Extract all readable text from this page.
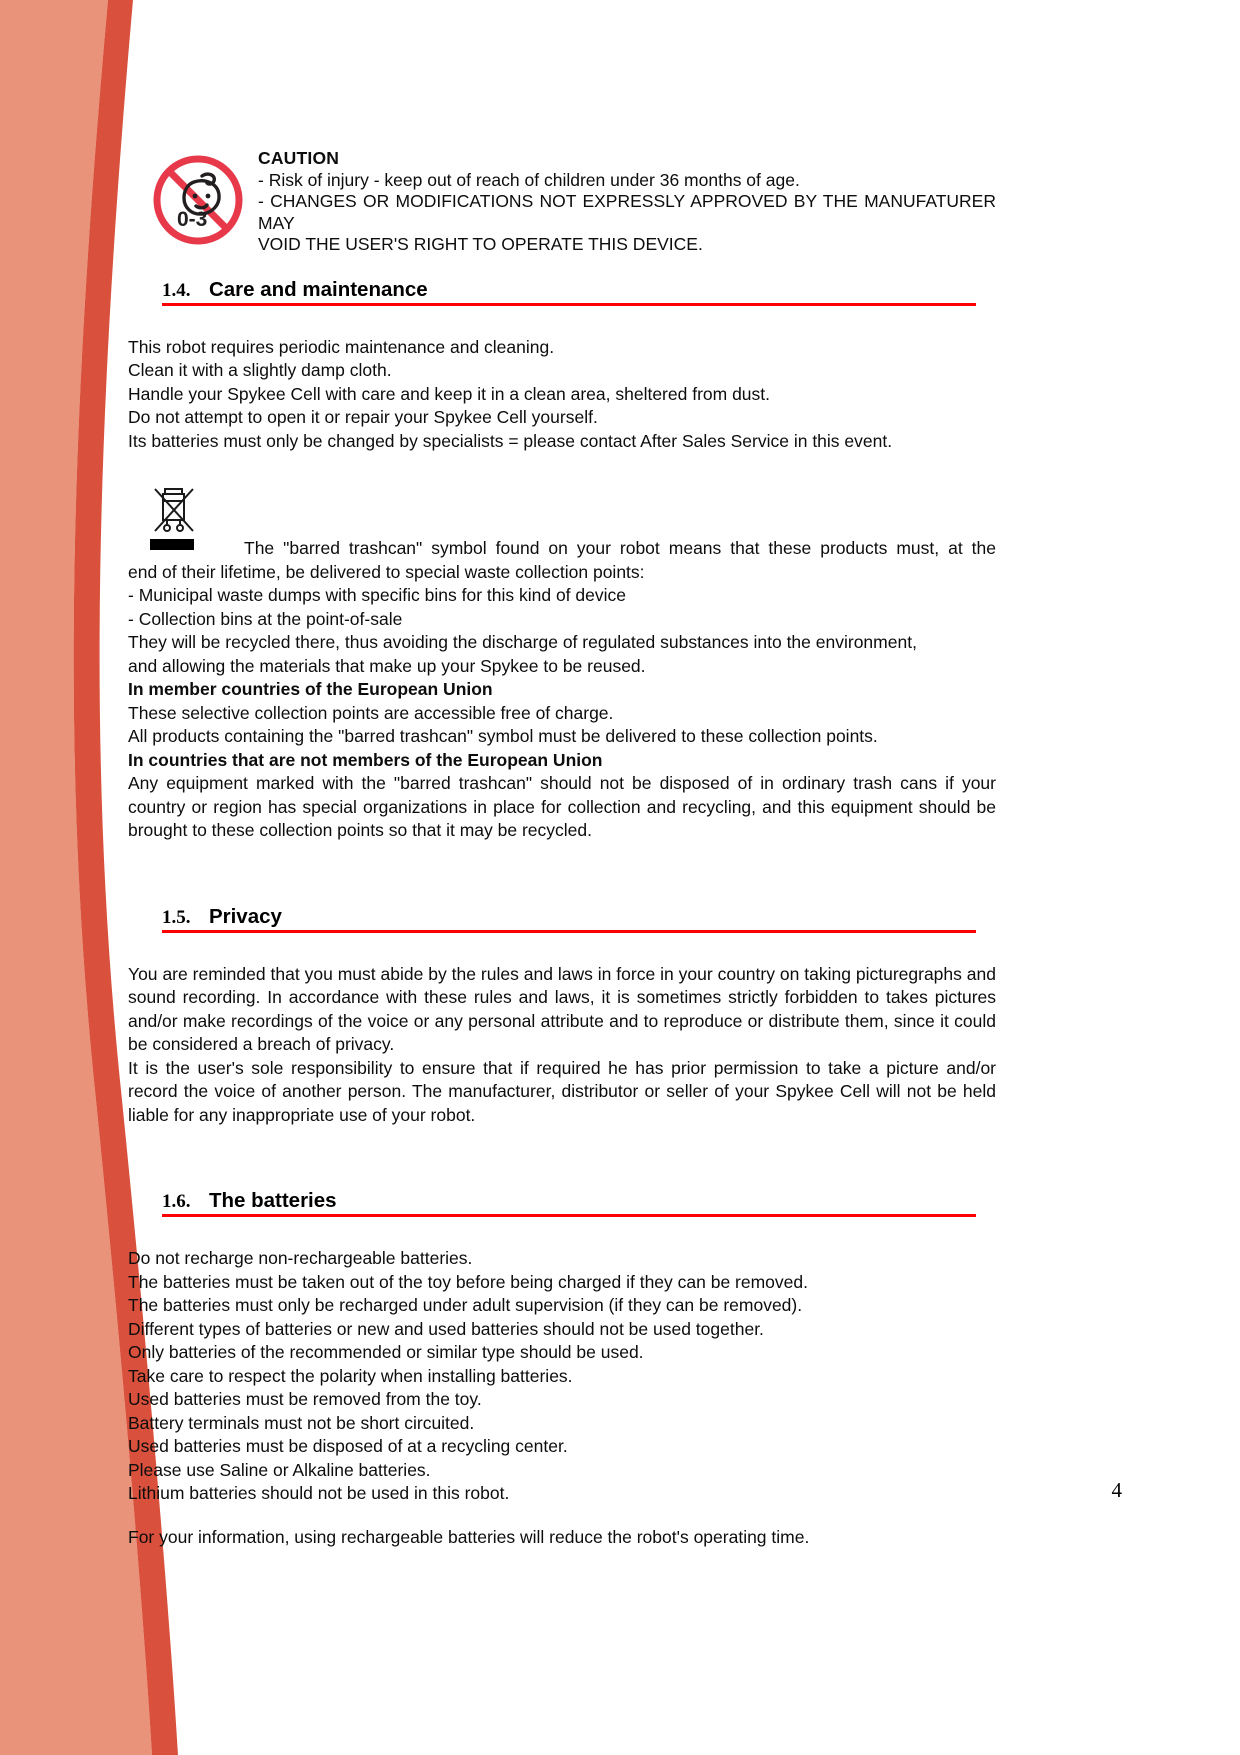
0-3
CAUTION
- Risk of injury - keep out of reach of children under 36 months of age.
- CHANGES OR MODIFICATIONS NOT EXPRESSLY APPROVED BY THE MANUFATURER MAY
VOID THE USER'S RIGHT TO OPERATE THIS DEVICE.
1.4. Care and maintenance
This robot requires periodic maintenance and cleaning.
Clean it with a slightly damp cloth.
Handle your Spykee Cell with care and keep it in a clean area, sheltered from dust.
Do not attempt to open it or repair your Spykee Cell yourself.
Its batteries must only be changed by specialists = please contact After Sales Service in this event.
The "barred trashcan" symbol found on your robot means that these products must, at the
end of their lifetime, be delivered to special waste collection points:
- Municipal waste dumps with specific bins for this kind of device
- Collection bins at the point-of-sale
They will be recycled there, thus avoiding the discharge of regulated substances into the environment,
and allowing the materials that make up your Spykee to be reused.
In member countries of the European Union
These selective collection points are accessible free of charge.
All products containing the "barred trashcan" symbol must be delivered to these collection points.
In countries that are not members of the European Union
Any equipment marked with the "barred trashcan" should not be disposed of in ordinary trash cans if your country or region has special organizations in place for collection and recycling, and this equipment should be brought to these collection points so that it may be recycled.
1.5. Privacy
You are reminded that you must abide by the rules and laws in force in your country on taking picturegraphs and sound recording. In accordance with these rules and laws, it is sometimes strictly forbidden to takes pictures and/or make recordings of the voice or any personal attribute and to reproduce or distribute them, since it could be considered a breach of privacy.
It is the user's sole responsibility to ensure that if required he has prior permission to take a picture and/or record the voice of another person. The manufacturer, distributor or seller of your Spykee Cell will not be held liable for any inappropriate use of your robot.
1.6. The batteries
Do not recharge non-rechargeable batteries.
The batteries must be taken out of the toy before being charged if they can be removed.
The batteries must only be recharged under adult supervision (if they can be removed).
Different types of batteries or new and used batteries should not be used together.
Only batteries of the recommended or similar type should be used.
Take care to respect the polarity when installing batteries.
Used batteries must be removed from the toy.
Battery terminals must not be short circuited.
Used batteries must be disposed of at a recycling center.
Please use Saline or Alkaline batteries.
Lithium batteries should not be used in this robot.
For your information, using rechargeable batteries will reduce the robot's operating time.
4
